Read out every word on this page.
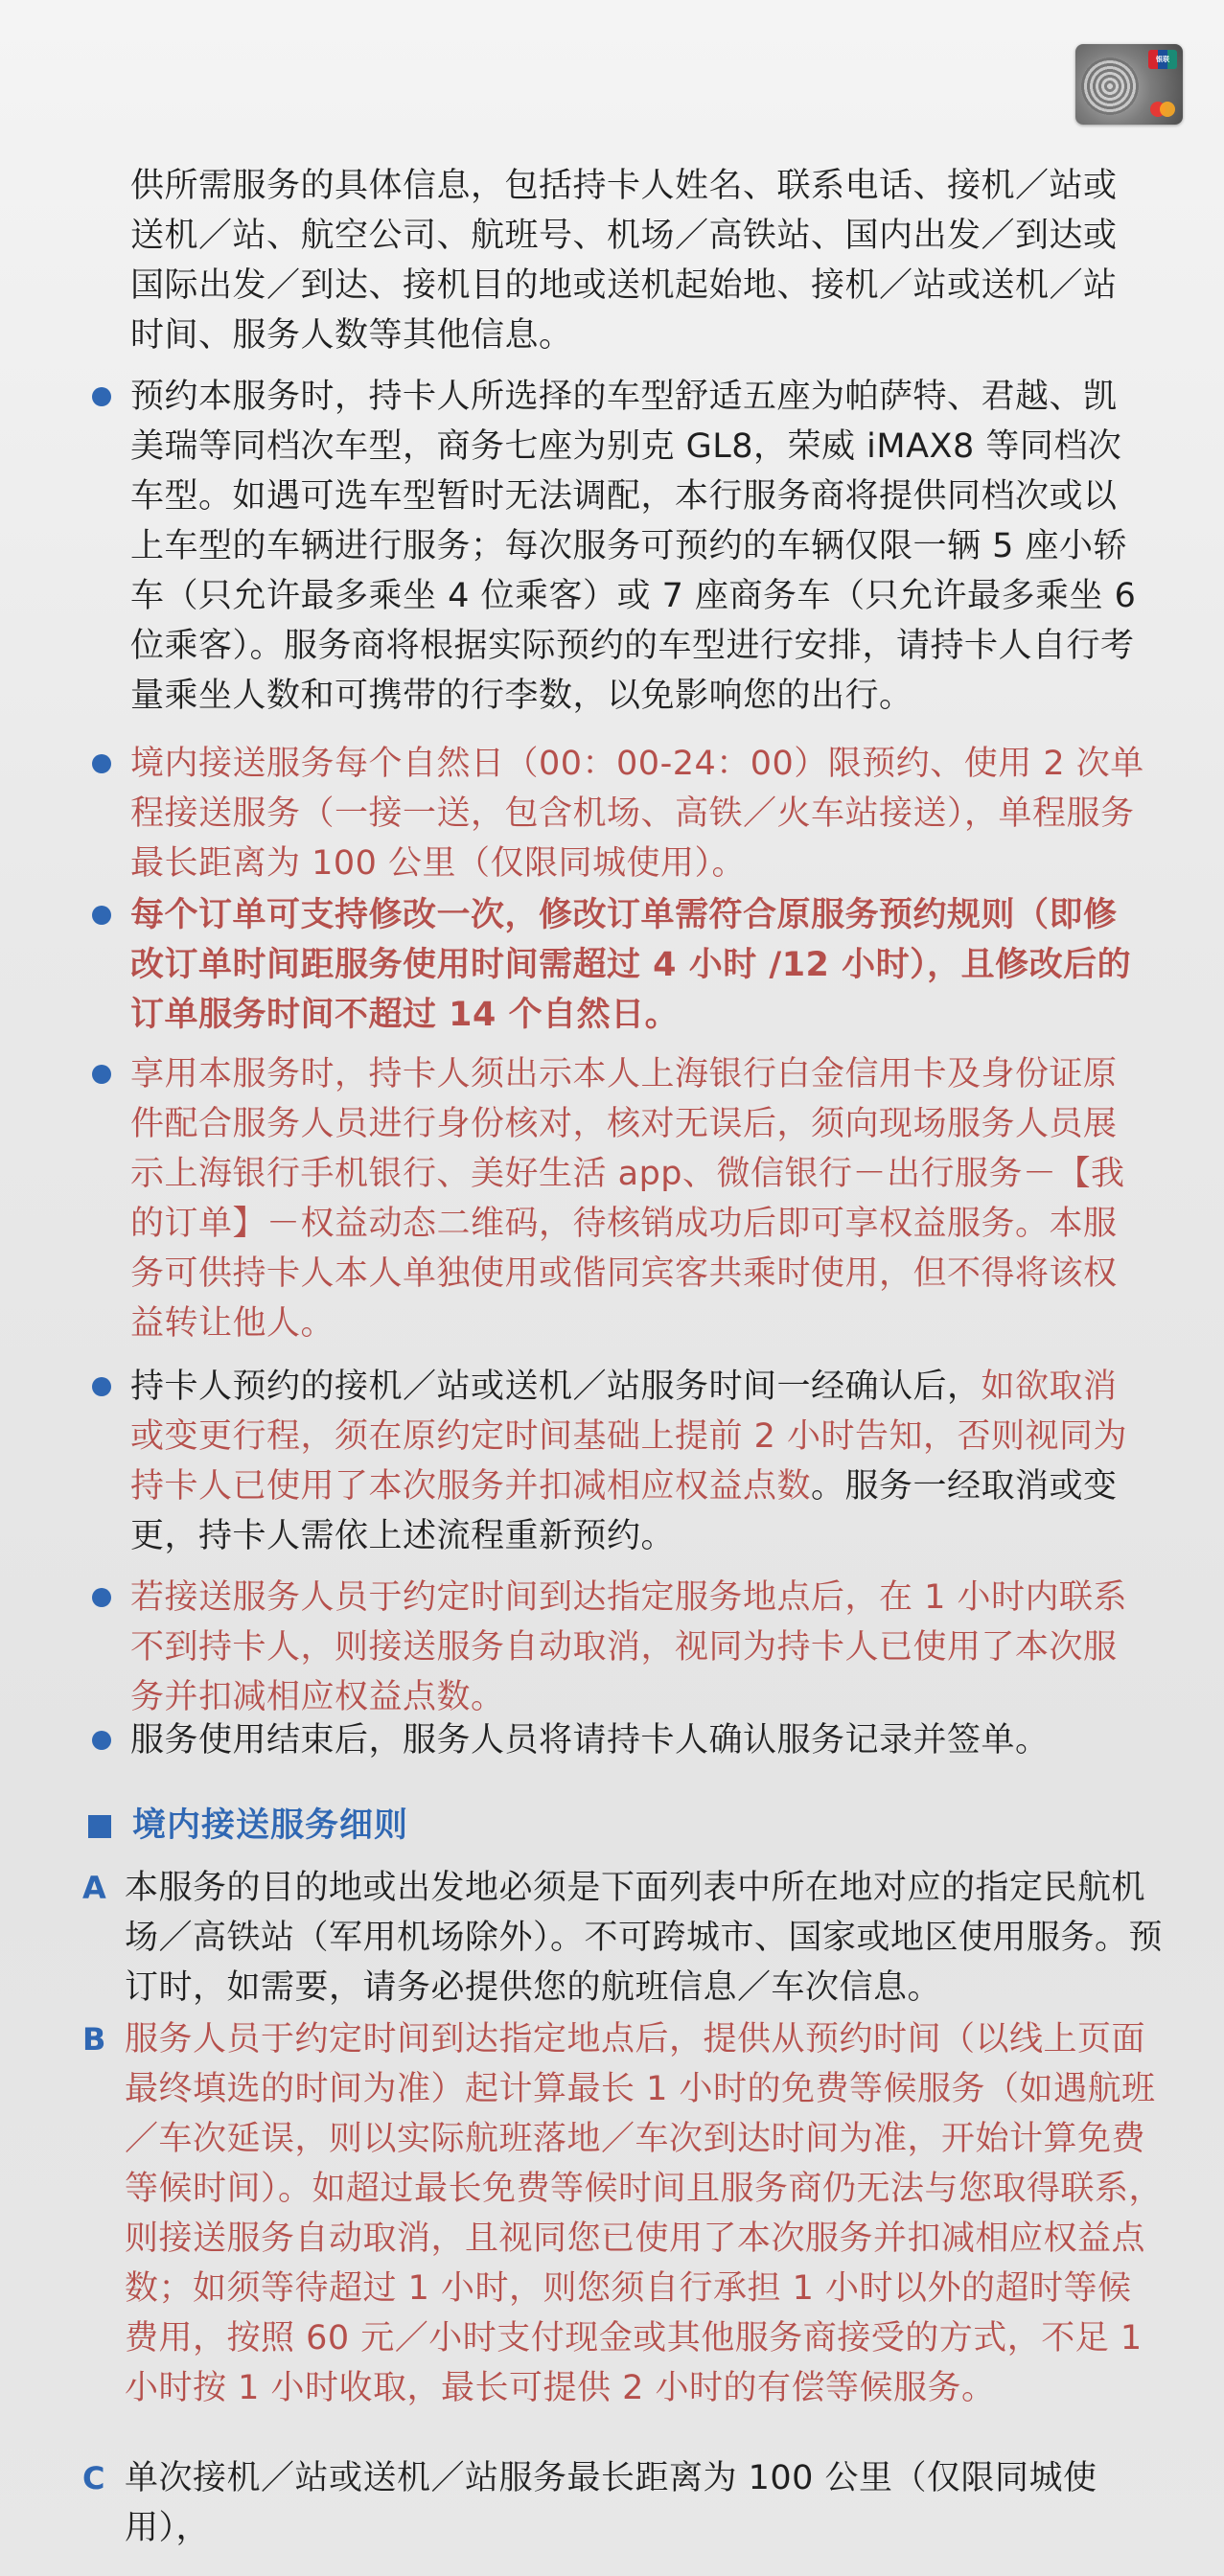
银联

供所需服务的具体信息，包括持卡人姓名、联系电话、接机／站或送机／站、航空公司、航班号、机场／高铁站、国内出发／到达或国际出发／到达、接机目的地或送机起始地、接机／站或送机／站时间、服务人数等其他信息。

预约本服务时，持卡人所选择的车型舒适五座为帕萨特、君越、凯美瑞等同档次车型，商务七座为别克 GL8，荣威 iMAX8 等同档次车型。如遇可选车型暂时无法调配，本行服务商将提供同档次或以上车型的车辆进行服务；每次服务可预约的车辆仅限一辆 5 座小轿车（只允许最多乘坐 4 位乘客）或 7 座商务车（只允许最多乘坐 6 位乘客）。服务商将根据实际预约的车型进行安排，请持卡人自行考量乘坐人数和可携带的行李数，以免影响您的出行。

境内接送服务每个自然日（00：00-24：00）限预约、使用 2 次单程接送服务（一接一送，包含机场、高铁／火车站接送），单程服务最长距离为 100 公里（仅限同城使用）。

每个订单可支持修改一次，修改订单需符合原服务预约规则（即修改订单时间距服务使用时间需超过 4 小时 /12 小时），且修改后的订单服务时间不超过 14 个自然日。

享用本服务时，持卡人须出示本人上海银行白金信用卡及身份证原件配合服务人员进行身份核对，核对无误后，须向现场服务人员展示上海银行手机银行、美好生活 app、微信银行－出行服务－【我的订单】－权益动态二维码，待核销成功后即可享权益服务。本服务可供持卡人本人单独使用或偕同宾客共乘时使用，但不得将该权益转让他人。

持卡人预约的接机／站或送机／站服务时间一经确认后，如欲取消或变更行程，须在原约定时间基础上提前 2 小时告知，否则视同为持卡人已使用了本次服务并扣减相应权益点数。服务一经取消或变更，持卡人需依上述流程重新预约。

若接送服务人员于约定时间到达指定服务地点后，在 1 小时内联系不到持卡人，则接送服务自动取消，视同为持卡人已使用了本次服务并扣减相应权益点数。

服务使用结束后，服务人员将请持卡人确认服务记录并签单。

境内接送服务细则
A 本服务的目的地或出发地必须是下面列表中所在地对应的指定民航机场／高铁站（军用机场除外）。不可跨城市、国家或地区使用服务。预订时，如需要，请务必提供您的航班信息／车次信息。

B 服务人员于约定时间到达指定地点后，提供从预约时间（以线上页面最终填选的时间为准）起计算最长 1 小时的免费等候服务（如遇航班／车次延误，则以实际航班落地／车次到达时间为准，开始计算免费等候时间）。如超过最长免费等候时间且服务商仍无法与您取得联系，则接送服务自动取消，且视同您已使用了本次服务并扣减相应权益点数；如须等待超过 1 小时，则您须自行承担 1 小时以外的超时等候费用，按照 60 元／小时支付现金或其他服务商接受的方式，不足 1 小时按 1 小时收取，最长可提供 2 小时的有偿等候服务。

C 单次接机／站或送机／站服务最长距离为 100 公里（仅限同城使用），
